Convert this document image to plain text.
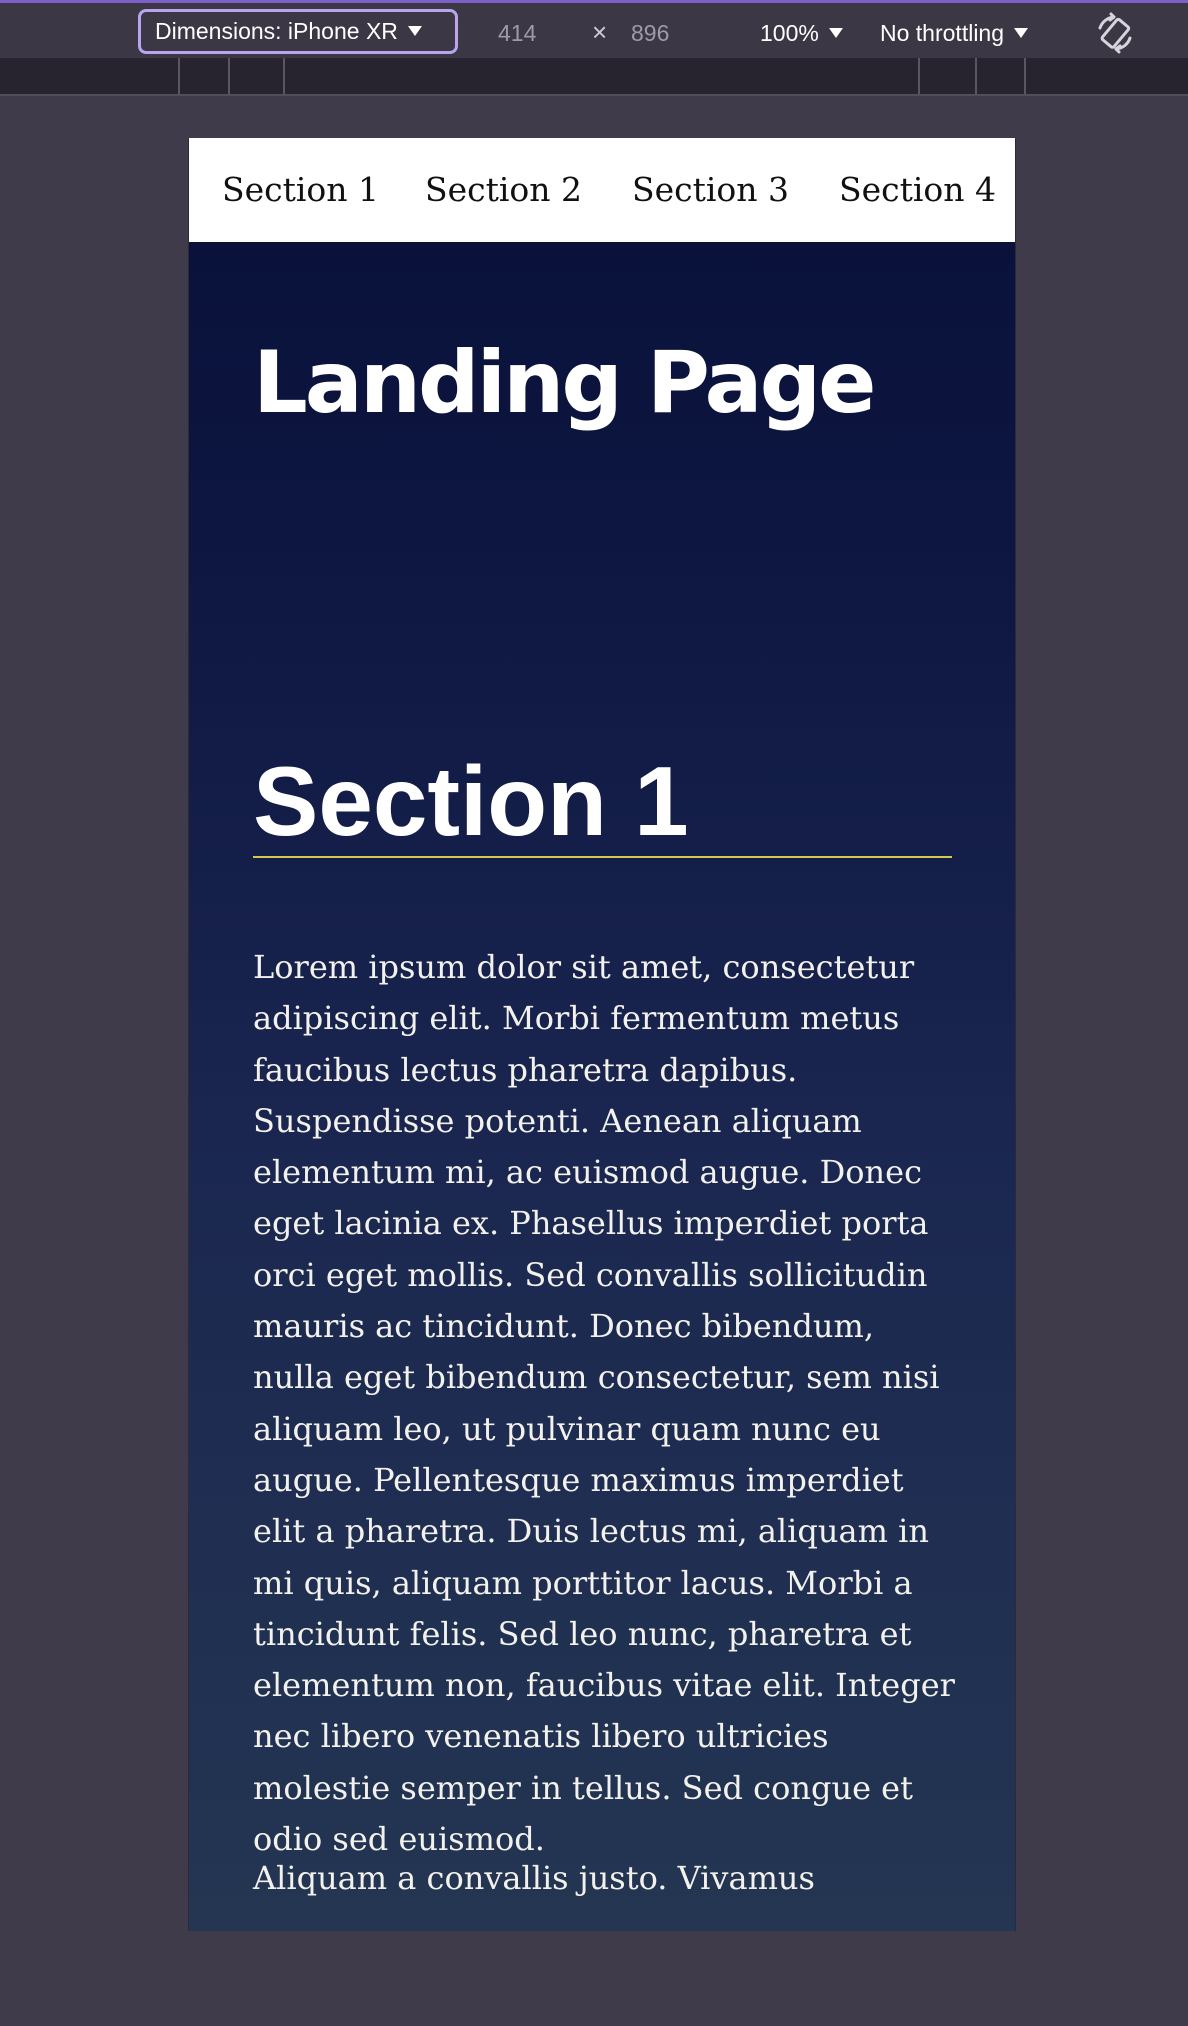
Dimensions: iPhone XR
414	×
896	100%	No throttling
Section 1 Section 2 Section 3 Section 4
Landing Page
Section 1

Lorem ipsum dolor sit amet, consectetur adipiscing elit. Morbi fermentum metus faucibus lectus pharetra dapibus. Suspendisse potenti. Aenean aliquam elementum mi, ac euismod augue. Donec eget lacinia ex. Phasellus imperdiet porta orci eget mollis. Sed convallis sollicitudin mauris ac tincidunt. Donec bibendum, nulla eget bibendum consectetur, sem nisi aliquam leo, ut pulvinar quam nunc eu augue. Pellentesque maximus imperdiet elit a pharetra. Duis lectus mi, aliquam in mi quis, aliquam porttitor lacus. Morbi a tincidunt felis. Sed leo nunc, pharetra et elementum non, faucibus vitae elit. Integer nec libero venenatis libero ultricies molestie semper in tellus. Sed congue et odio sed euismod.

Aliquam a convallis justo. Vivamus
